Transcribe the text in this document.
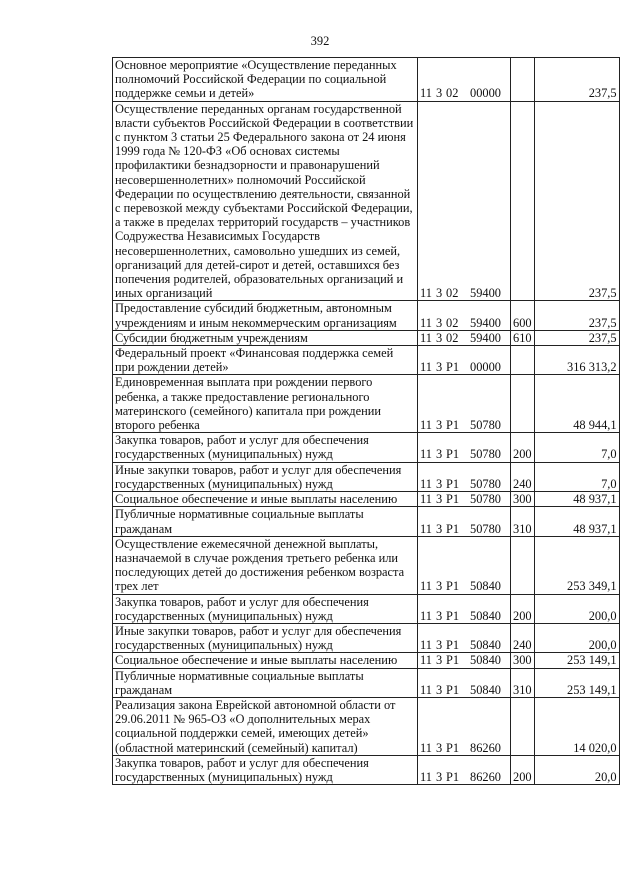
392
Основное мероприятие «Осуществление переданных полномочий Российской Федерации по социальной поддержке семьи и детей»	11 3 02 00000		237,5
Осуществление переданных органам государственной власти субъектов Российской Федерации в соответствии с пунктом 3 статьи 25 Федерального закона от 24 июня 1999 года № 120-ФЗ «Об основах системы профилактики безнадзорности и правонарушений несовершеннолетних» полномочий Российской Федерации по осуществлению деятельности, связанной с перевозкой между субъектами Российской Федерации, а также в пределах территорий государств – участников Содружества Независимых Государств несовершеннолетних, самовольно ушедших из семей, организаций для детей-сирот и детей, оставшихся без попечения родителей, образовательных организаций и иных организаций	11 3 02 59400		237,5
Предоставление субсидий бюджетным, автономным учреждениям и иным некоммерческим организациям	11 3 02 59400	600	237,5
Субсидии бюджетным учреждениям	11 3 02 59400	610	237,5
Федеральный проект «Финансовая поддержка семей при рождении детей»	11 3 P1 00000		316 313,2
Единовременная выплата при рождении первого ребенка, а также предоставление регионального материнского (семейного) капитала при рождении второго ребенка	11 3 P1 50780		48 944,1
Закупка товаров, работ и услуг для обеспечения государственных (муниципальных) нужд	11 3 P1 50780	200	7,0
Иные закупки товаров, работ и услуг для обеспечения государственных (муниципальных) нужд	11 3 P1 50780	240	7,0
Социальное обеспечение и иные выплаты населению	11 3 P1 50780	300	48 937,1
Публичные нормативные социальные выплаты гражданам	11 3 P1 50780	310	48 937,1
Осуществление ежемесячной денежной выплаты, назначаемой в случае рождения третьего ребенка или последующих детей до достижения ребенком возраста трех лет	11 3 P1 50840		253 349,1
Закупка товаров, работ и услуг для обеспечения государственных (муниципальных) нужд	11 3 P1 50840	200	200,0
Иные закупки товаров, работ и услуг для обеспечения государственных (муниципальных) нужд	11 3 P1 50840	240	200,0
Социальное обеспечение и иные выплаты населению	11 3 P1 50840	300	253 149,1
Публичные нормативные социальные выплаты гражданам	11 3 P1 50840	310	253 149,1
Реализация закона Еврейской автономной области от 29.06.2011 № 965-ОЗ «О дополнительных мерах социальной поддержки семей, имеющих детей» (областной материнский (семейный) капитал)	11 3 P1 86260		14 020,0
Закупка товаров, работ и услуг для обеспечения государственных (муниципальных) нужд	11 3 P1 86260	200	20,0
